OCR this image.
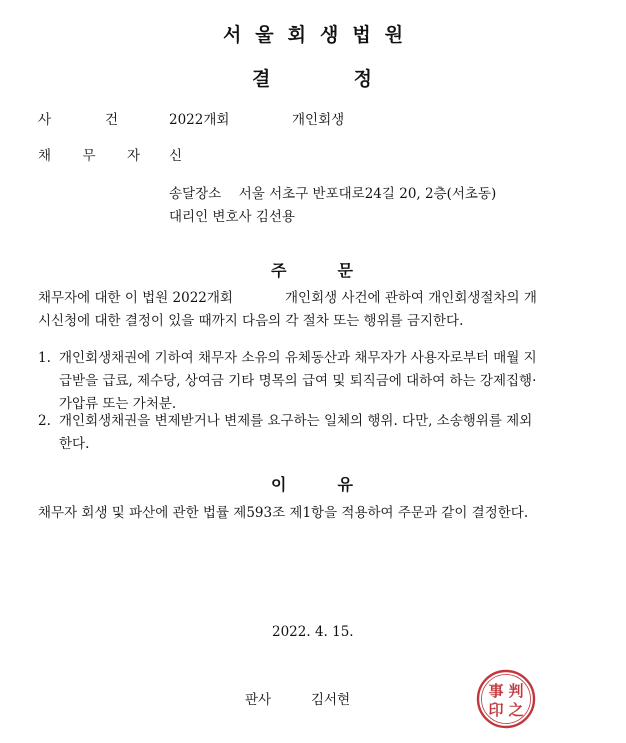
서울회생법원
결	정
사	건	2022개회	개인회생
채 무 자 신
송달장소 서울 서초구 반포대로24길 20, 2층(서초동)
대리인 변호사 김선용
주	문
채무자에 대한 이 법원 2022개회	개인회생 사건에 관하여 개인회생절차의 개
시신청에 대한 결정이 있을 때까지 다음의 각 절차 또는 행위를 금지한다.
1. 개인회생채권에 기하여 채무자 소유의 유체동산과 채무자가 사용자로부터 매월 지
급받을 급료, 제수당, 상여금 기타 명목의 급여 및 퇴직금에 대하여 하는 강제집행·
가압류 또는 가처분.
2. 개인회생채권을 변제받거나 변제를 요구하는 일체의 행위. 다만, 소송행위를 제외
한다.
이	유
채무자 회생 및 파산에 관한 법률 제593조 제1항을 적용하여 주문과 같이 결정한다.
2022. 4. 15.
판사	김서현	事 判
印 之
